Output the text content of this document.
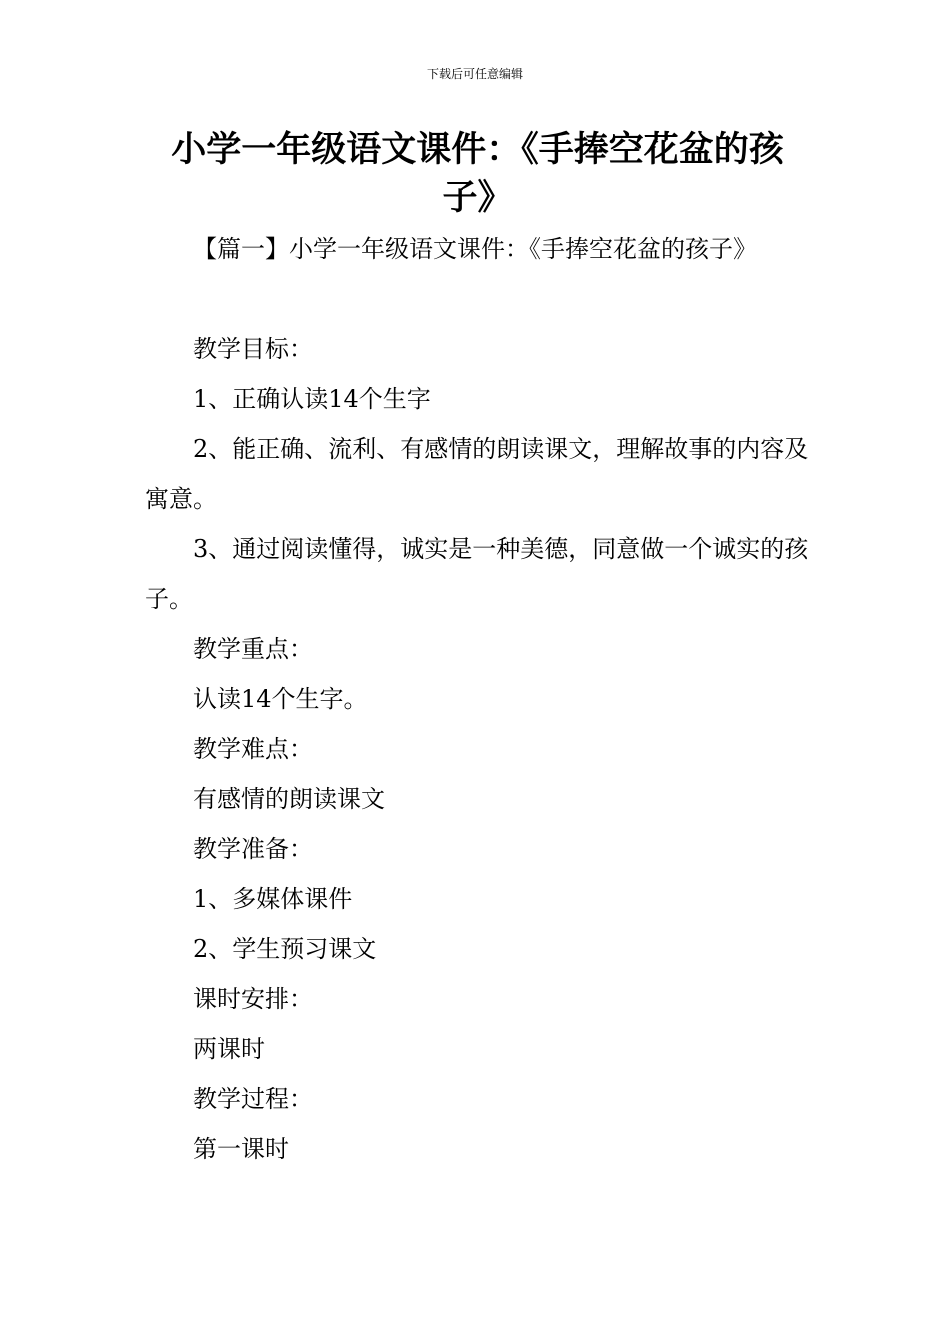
下载后可任意编辑
小学一年级语文课件：《手捧空花盆的孩
子》

【篇一】小学一年级语文课件：《手捧空花盆的孩子》

教学目标：

1、正确认读14个生字

2、能正确、流利、有感情的朗读课文，理解故事的内容及寓意。

3、通过阅读懂得，诚实是一种美德，同意做一个诚实的孩子。

教学重点：

认读14个生字。

教学难点：

有感情的朗读课文

教学准备：

1、多媒体课件

2、学生预习课文

课时安排：

两课时

教学过程：

第一课时
